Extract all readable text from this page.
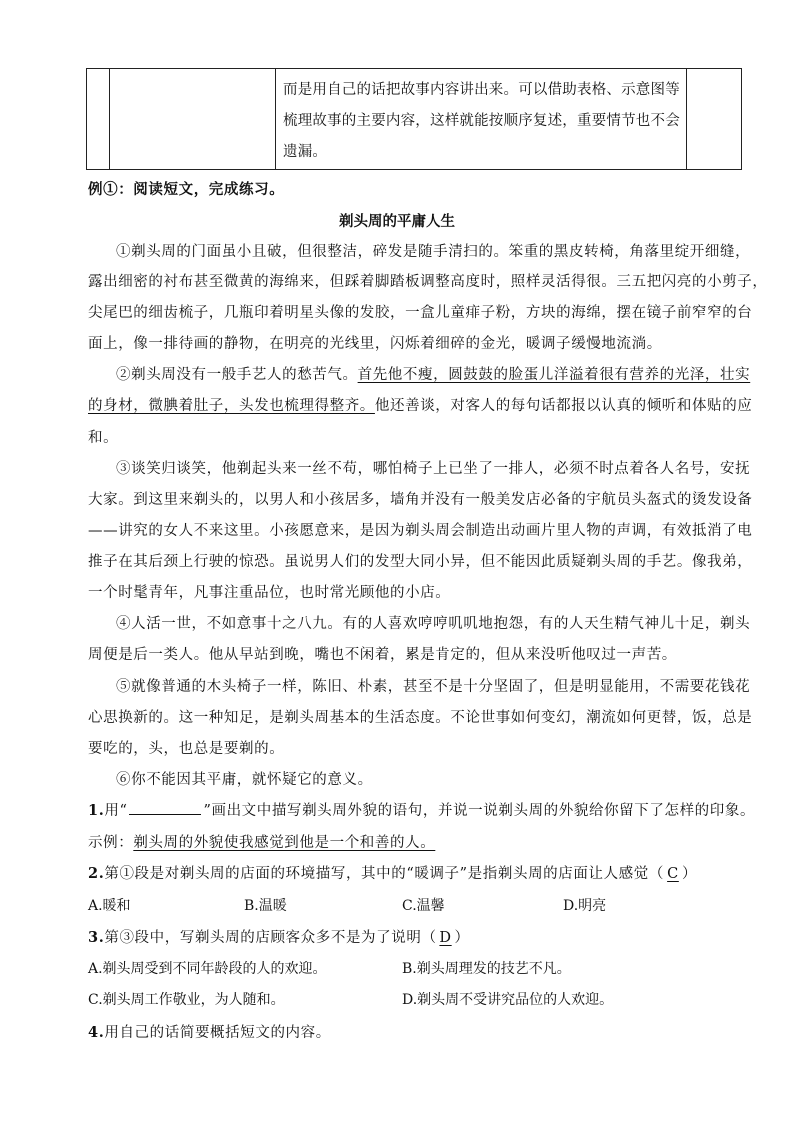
而是用自己的话把故事内容讲出来。可以借助表格、示意图等
梳理故事的主要内容，这样就能按顺序复述，重要情节也不会
遗漏。

例①：阅读短文，完成练习。
剃头周的平庸人生
①剃头周的门面虽小且破，但很整洁，碎发是随手清扫的。笨重的黑皮转椅，角落里绽开细缝，
露出细密的衬布甚至微黄的海绵来，但踩着脚踏板调整高度时，照样灵活得很。三五把闪亮的小剪子，
尖尾巴的细齿梳子，几瓶印着明星头像的发胶，一盒儿童痱子粉，方块的海绵，摆在镜子前窄窄的台
面上，像一排待画的静物，在明亮的光线里，闪烁着细碎的金光，暖调子缓慢地流淌。
②剃头周没有一般手艺人的愁苦气。首先他不瘦，圆鼓鼓的脸蛋儿洋溢着很有营养的光泽，壮实
的身材，微腆着肚子，头发也梳理得整齐。他还善谈，对客人的每句话都报以认真的倾听和体贴的应
和。
③谈笑归谈笑，他剃起头来一丝不苟，哪怕椅子上已坐了一排人，必须不时点着各人名号，安抚
大家。到这里来剃头的，以男人和小孩居多，墙角并没有一般美发店必备的宇航员头盔式的烫发设备
——讲究的女人不来这里。小孩愿意来，是因为剃头周会制造出动画片里人物的声调，有效抵消了电
推子在其后颈上行驶的惊恐。虽说男人们的发型大同小异，但不能因此质疑剃头周的手艺。像我弟，
一个时髦青年，凡事注重品位，也时常光顾他的小店。
④人活一世，不如意事十之八九。有的人喜欢哼哼叽叽地抱怨，有的人天生精气神儿十足，剃头
周便是后一类人。他从早站到晚，嘴也不闲着，累是肯定的，但从来没听他叹过一声苦。
⑤就像普通的木头椅子一样，陈旧、朴素，甚至不是十分坚固了，但是明显能用，不需要花钱花
心思换新的。这一种知足，是剃头周基本的生活态度。不论世事如何变幻，潮流如何更替，饭，总是
要吃的，头，也总是要剃的。
⑥你不能因其平庸，就怀疑它的意义。
1.用“	”画出文中描写剃头周外貌的语句，并说一说剃头周的外貌给你留下了怎样的印象。
示例：剃头周的外貌使我感觉到他是一个和善的人。
2.第①段是对剃头周的店面的环境描写，其中的“暖调子”是指剃头周的店面让人感觉（ C ）
A.暖和	B.温暖	C.温馨	D.明亮
3.第③段中，写剃头周的店顾客众多不是为了说明（ D ）
A.剃头周受到不同年龄段的人的欢迎。	B.剃头周理发的技艺不凡。
C.剃头周工作敬业，为人随和。	D.剃头周不受讲究品位的人欢迎。
4.用自己的话简要概括短文的内容。
